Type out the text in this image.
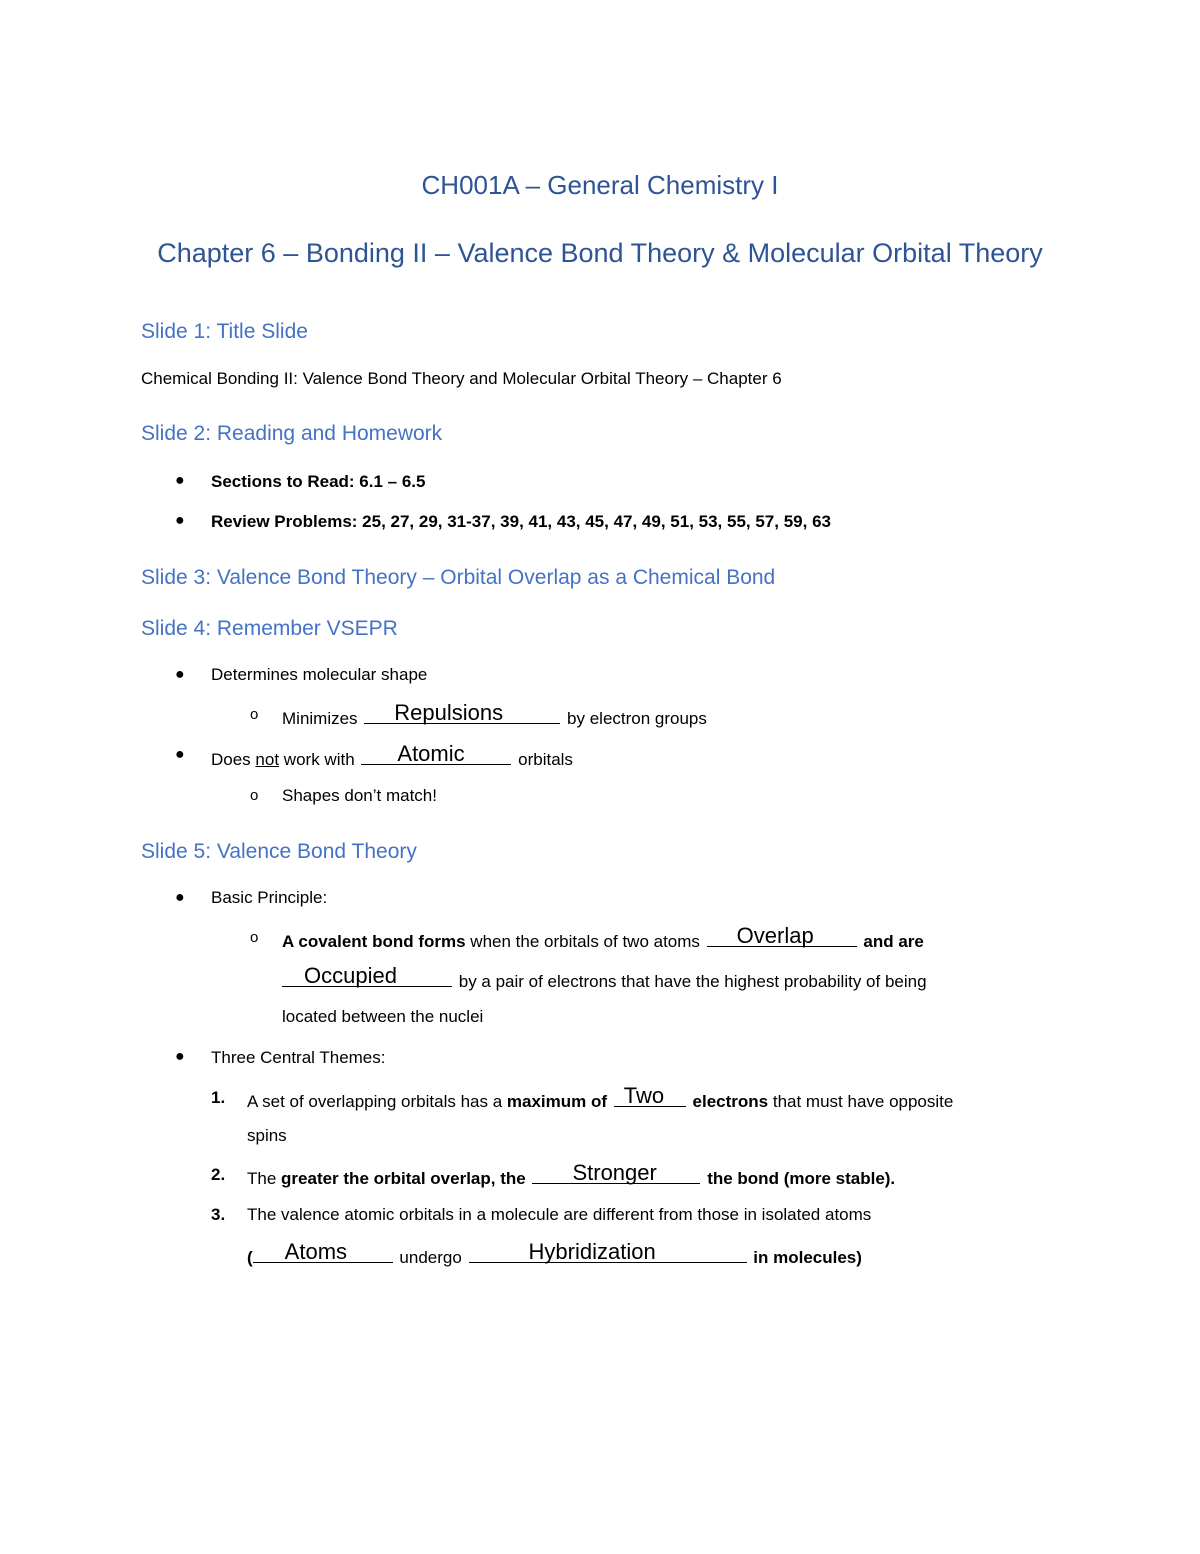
CH001A – General Chemistry I
Chapter 6 – Bonding II – Valence Bond Theory & Molecular Orbital Theory
Slide 1: Title Slide
Chemical Bonding II: Valence Bond Theory and Molecular Orbital Theory – Chapter 6
Slide 2: Reading and Homework
● Sections to Read: 6.1 – 6.5
● Review Problems: 25, 27, 29, 31-37, 39, 41, 43, 45, 47, 49, 51, 53, 55, 57, 59, 63
Slide 3: Valence Bond Theory – Orbital Overlap as a Chemical Bond
Slide 4: Remember VSEPR
● Determines molecular shape
o Minimizes Repulsions	by electron groups
● Does not work with Atomic	orbitals
o Shapes don’t match!
Slide 5: Valence Bond Theory
● Basic Principle:
o A covalent bond forms when the orbitals of two atoms Overlap	and are
Occupied	by a pair of electrons that have the highest probability of being
located between the nuclei
● Three Central Themes:
1. A set of overlapping orbitals has a maximum of Two electrons that must have opposite
spins
2. The greater the orbital overlap, the Stronger	the bond (more stable).
3. The valence atomic orbitals in a molecule are different from those in isolated atoms
( Atoms	undergo	Hybridization	in molecules)
